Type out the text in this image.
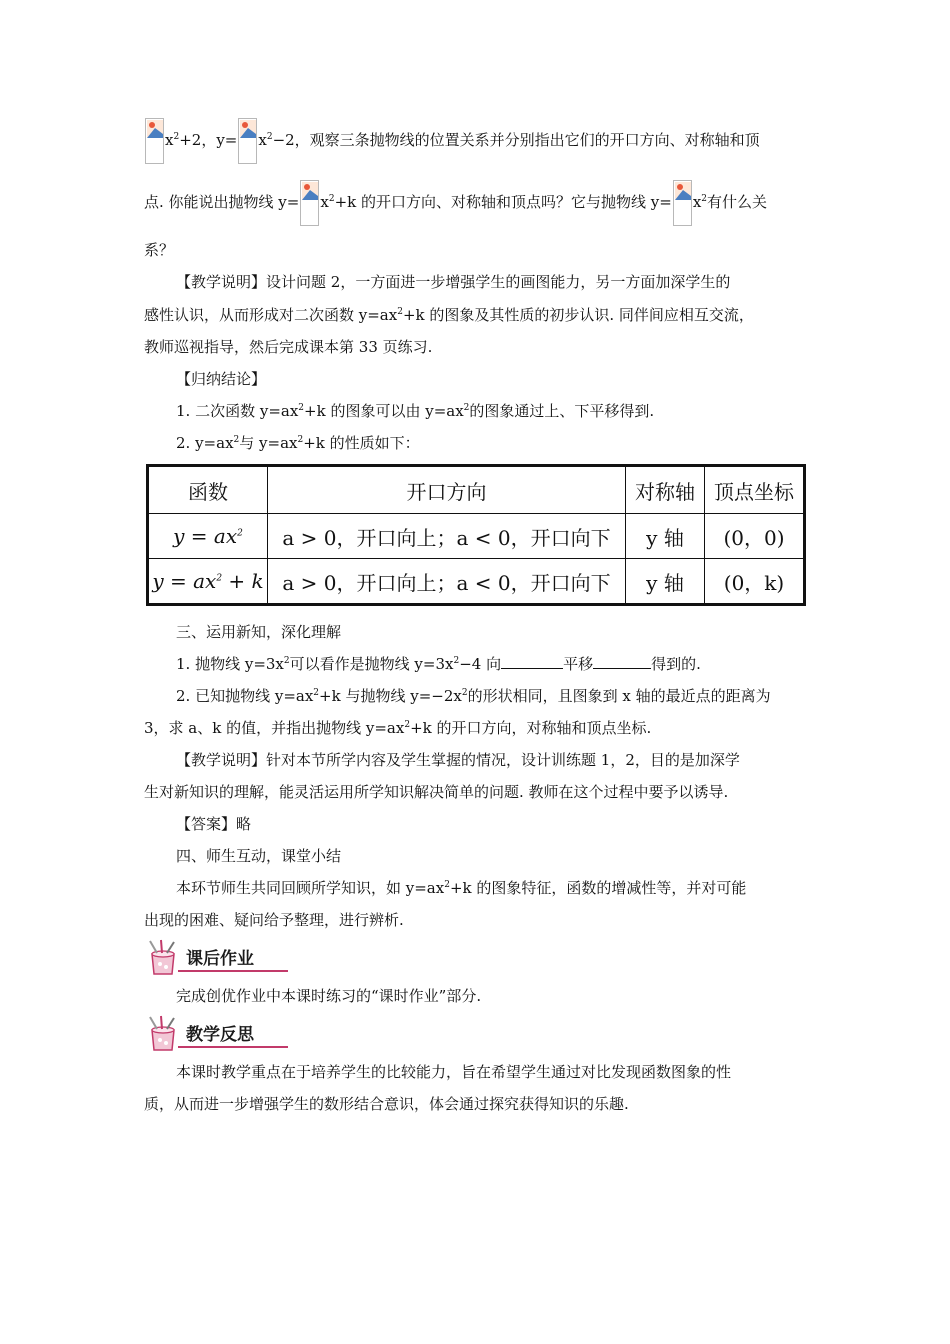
$x^2+2$，$y= x^2-2$，观察三条抛物线的位置关系并分别指出它们的开口方向、对称轴和顶
点. 你能说出抛物线 $y= x^2+k$ 的开口方向、对称轴和顶点吗？它与抛物线 $y= x^2$有什么关
系？
【教学说明】设计问题 2，一方面进一步增强学生的画图能力，另一方面加深学生的
感性认识，从而形成对二次函数 $y=ax^2+k$ 的图象及其性质的初步认识. 同伴间应相互交流，
教师巡视指导，然后完成课本第 33 页练习.
【归纳结论】
1. 二次函数 $y=ax^2+k$ 的图象可以由 $y=ax^2$的图象通过上、下平移得到.
2. $y=ax^2$与 $y=ax^2+k$ 的性质如下：
函数	开口方向	对称轴	顶点坐标
$y = ax^2$	a > 0，开口向上；a < 0，开口向下	y 轴	(0，0)
$y = ax^2 + k$	a > 0，开口向上；a < 0，开口向下	y 轴	(0，k)
三、运用新知，深化理解
1. 抛物线 $y=3x^2$可以看作是抛物线 $y=3x^2-4$ 向	平移	得到的.
2. 已知抛物线 $y=ax^2+k$ 与抛物线 $y=-2x^2$的形状相同，且图象到 x 轴的最近点的距离为
3，求 a、k 的值，并指出抛物线 $y=ax^2+k$ 的开口方向，对称轴和顶点坐标.
【教学说明】针对本节所学内容及学生掌握的情况，设计训练题 1，2，目的是加深学
生对新知识的理解，能灵活运用所学知识解决简单的问题. 教师在这个过程中要予以诱导.
【答案】略
四、师生互动，课堂小结
本环节师生共同回顾所学知识，如 $y=ax^2+k$ 的图象特征，函数的增减性等，并对可能
出现的困难、疑问给予整理，进行辨析.
课后作业
完成创优作业中本课时练习的“课时作业”部分.
教学反思
本课时教学重点在于培养学生的比较能力，旨在希望学生通过对比发现函数图象的性
质，从而进一步增强学生的数形结合意识，体会通过探究获得知识的乐趣.
